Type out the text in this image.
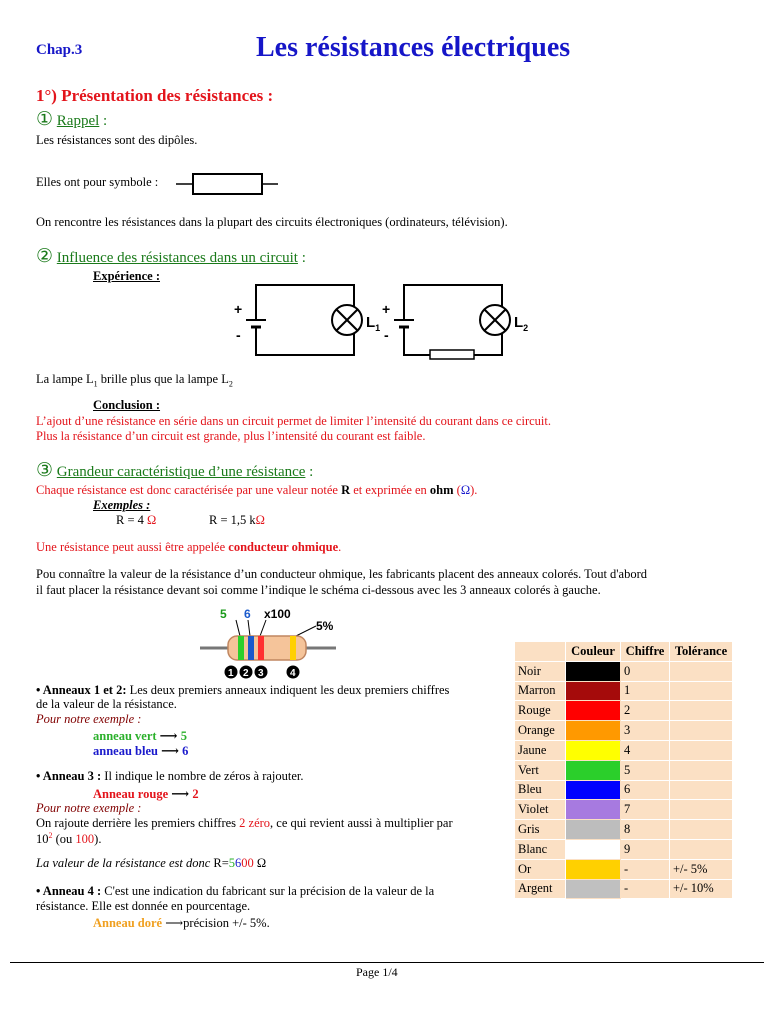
Chap.3	Les résistances électriques
1°) Présentation des résistances :
① Rappel :
Les résistances sont des dipôles.
Elles ont pour symbole :
On rencontre les résistances dans la plupart des circuits électroniques (ordinateurs, télévision).
② Influence des résistances dans un circuit :
Expérience :
+
-
$L_1$
+
-
$L_2$
La lampe $L_1$ brille plus que la lampe $L_2$
Conclusion :
L’ajout d’une résistance en série dans un circuit permet de limiter l’intensité du courant dans ce circuit.
Plus la résistance d’un circuit est grande, plus l’intensité du courant est faible.
③ Grandeur caractéristique d’une résistance :
Chaque résistance est donc caractérisée par une valeur notée R et exprimée en ohm (Ω).
Exemples :
R = 4 Ω	R = 1,5 kΩ
Une résistance peut aussi être appelée conducteur ohmique.
Pou connaître la valeur de la résistance d’un conducteur ohmique, les fabricants placent des anneaux colorés. Tout d'abord
il faut placer la résistance devant soi comme l’indique le schéma ci-dessous avec les 3 anneaux colorés à gauche.
5 6 x100
5%
1 2 3	4
• Anneaux 1 et 2: Les deux premiers anneaux indiquent les deux premiers chiffres
de la valeur de la résistance.
Pour notre exemple :
anneau vert ⟶ 5
anneau bleu ⟶ 6
• Anneau 3 : Il indique le nombre de zéros à rajouter.
Anneau rouge ⟶ 2
Pour notre exemple :
On rajoute derrière les premiers chiffres 2 zéro, ce qui revient aussi à multiplier par
$10^2$ (ou 100).
La valeur de la résistance est donc R=5600 Ω
• Anneau 4 : C'est une indication du fabricant sur la précision de la valeur de la
résistance. Elle est donnée en pourcentage.
Anneau doré ⟶précision +/- 5%.
	Couleur	Chiffre	Tolérance
Noir		0	
Marron		1	
Rouge		2	
Orange		3	
Jaune		4	
Vert		5	
Bleu		6	
Violet		7	
Gris		8	
Blanc		9	
Or		-	+/- 5%
Argent		-	+/- 10%
Page 1/4
